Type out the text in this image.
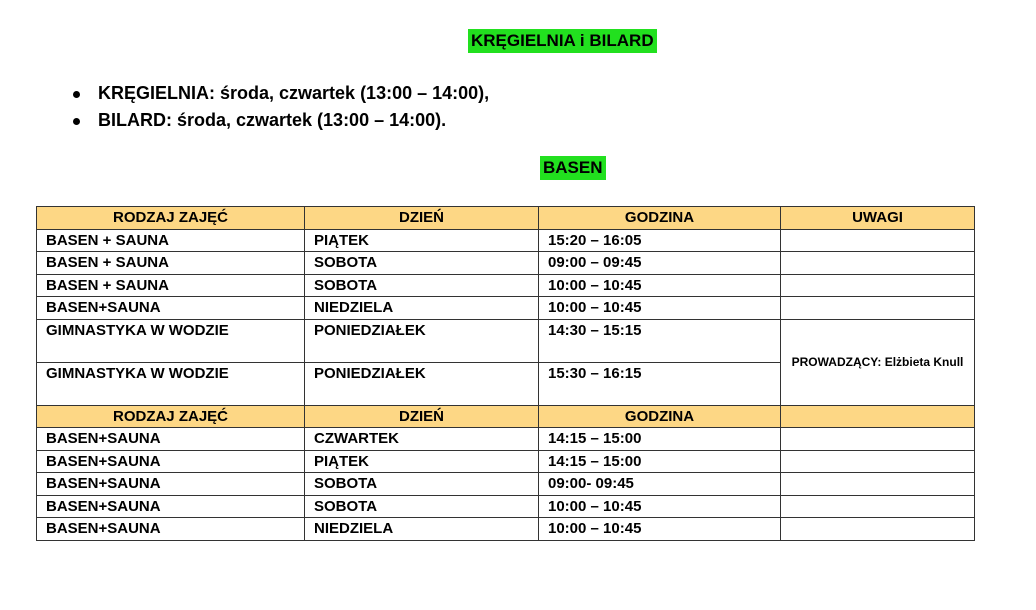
KRĘGIELNIA i BILARD
KRĘGIELNIA: środa, czwartek (13:00 – 14:00),
BILARD: środa, czwartek (13:00 – 14:00).
BASEN
RODZAJ ZAJĘĆ	DZIEŃ	GODZINA	UWAGI
BASEN + SAUNA	PIĄTEK	15:20 – 16:05	
BASEN + SAUNA	SOBOTA	09:00 – 09:45	
BASEN + SAUNA	SOBOTA	10:00 – 10:45	
BASEN+SAUNA	NIEDZIELA	10:00 – 10:45	
GIMNASTYKA W WODZIE	PONIEDZIAŁEK	14:30 – 15:15	PROWADZĄCY: Elżbieta Knull
GIMNASTYKA W WODZIE	PONIEDZIAŁEK	15:30 – 16:15	
RODZAJ ZAJĘĆ	DZIEŃ	GODZINA	
BASEN+SAUNA	CZWARTEK	14:15 – 15:00	
BASEN+SAUNA	PIĄTEK	14:15 – 15:00	
BASEN+SAUNA	SOBOTA	09:00- 09:45	
BASEN+SAUNA	SOBOTA	10:00 – 10:45	
BASEN+SAUNA	NIEDZIELA	10:00 – 10:45	
